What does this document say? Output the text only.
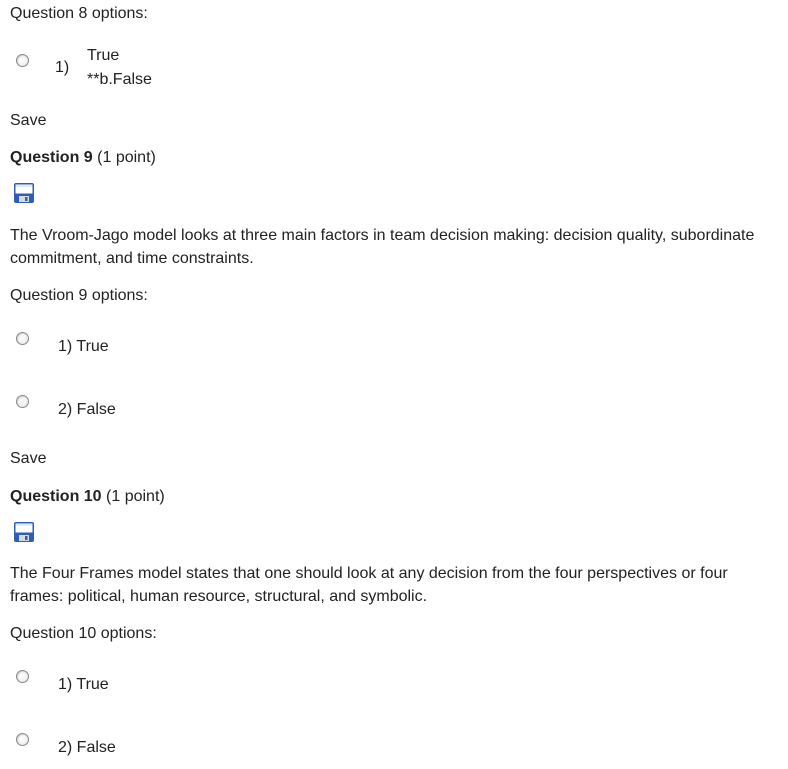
Question 8 options:
1)
True
**b.False
Save
Question 9 (1 point)
The Vroom-Jago model looks at three main factors in team decision making: decision quality, subordinate commitment, and time constraints.
Question 9 options:
1) True
2) False
Save
Question 10 (1 point)
The Four Frames model states that one should look at any decision from the four perspectives or four frames: political, human resource, structural, and symbolic.
Question 10 options:
1) True
2) False
